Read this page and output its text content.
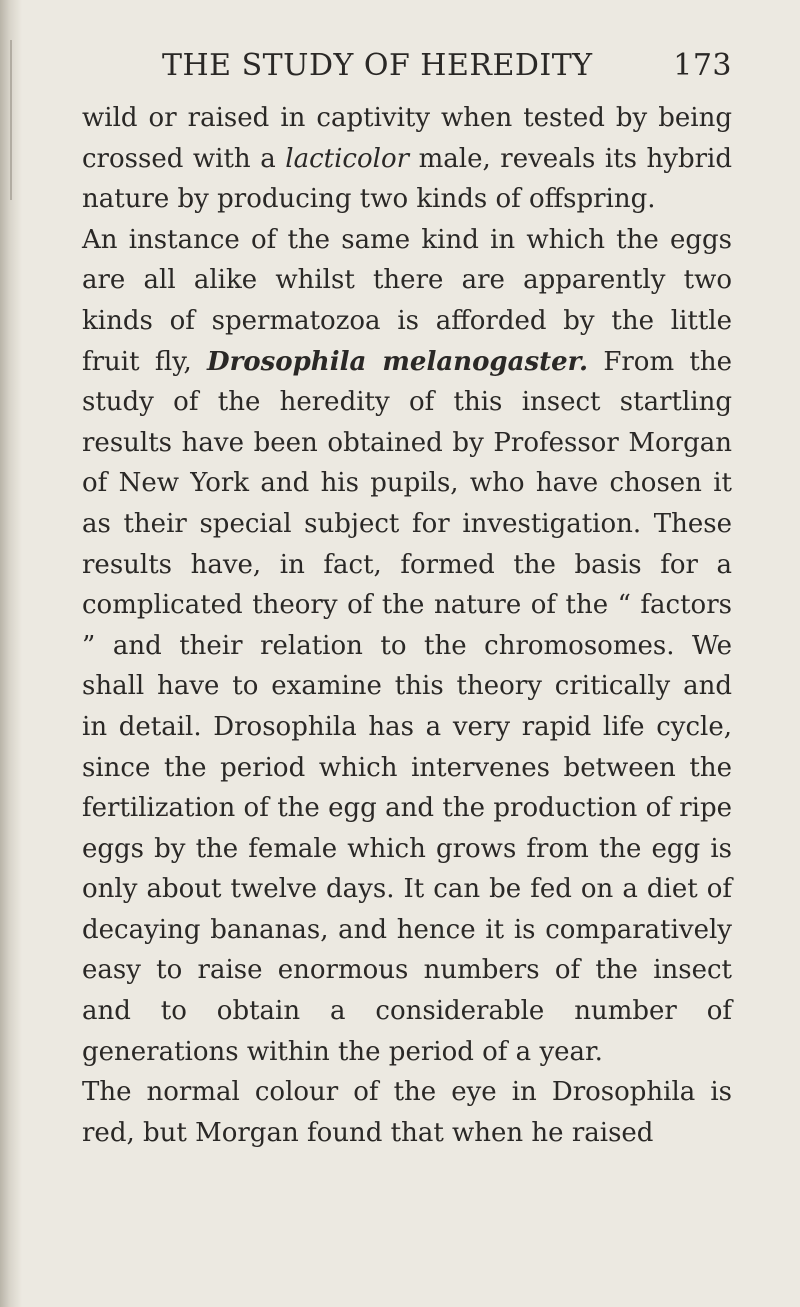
THE STUDY OF HEREDITY	173

wild or raised in captivity when tested by being crossed with a lacticolor male, reveals its hybrid nature by producing two kinds of offspring.

An instance of the same kind in which the eggs are all alike whilst there are apparently two kinds of spermatozoa is afforded by the little fruit fly, Drosophila melanogaster. From the study of the heredity of this insect startling results have been obtained by Professor Morgan of New York and his pupils, who have chosen it as their special subject for investigation. These results have, in fact, formed the basis for a complicated theory of the nature of the “ factors ” and their relation to the chromosomes. We shall have to examine this theory critically and in detail. Drosophila has a very rapid life cycle, since the period which intervenes between the fertilization of the egg and the production of ripe eggs by the female which grows from the egg is only about twelve days. It can be fed on a diet of decaying bananas, and hence it is comparatively easy to raise enormous numbers of the insect and to obtain a considerable number of generations within the period of a year.

The normal colour of the eye in Drosophila is red, but Morgan found that when he raised
